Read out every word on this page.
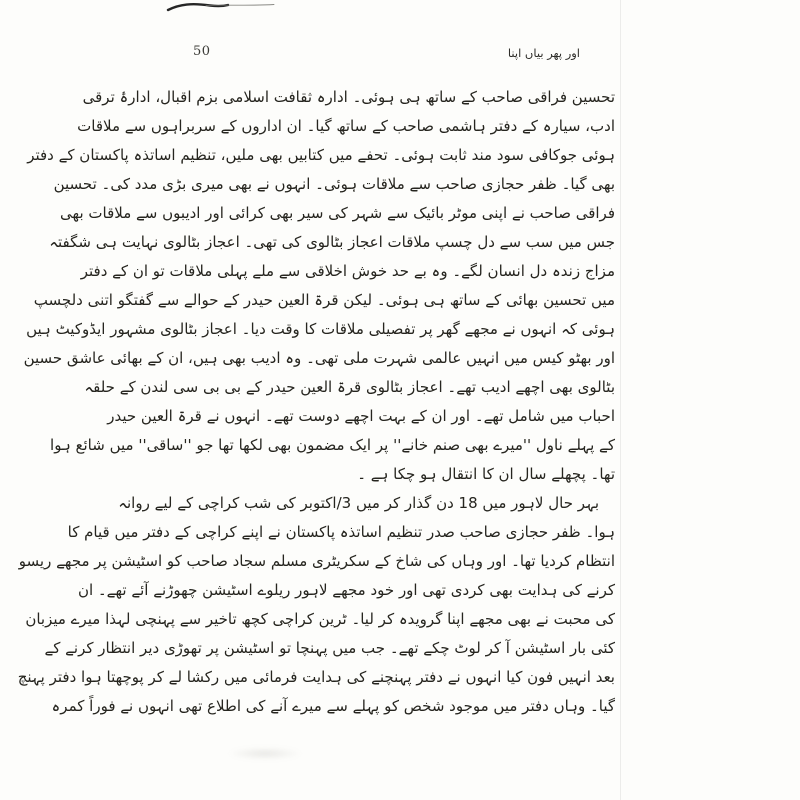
50	اور پھر بیاں اپنا
تحسین فراقی صاحب کے ساتھ ہی ہوئی۔ ادارہ ثقافت اسلامی بزم اقبال، ادارۂ ترقی
ادب، سیارہ کے دفتر ہاشمی صاحب کے ساتھ گیا۔ ان اداروں کے سربراہوں سے ملاقات
ہوئی جوکافی سود مند ثابت ہوئی۔ تحفے میں کتابیں بھی ملیں، تنظیم اساتذہ پاکستان کے دفتر
بھی گیا۔ ظفر حجازی صاحب سے ملاقات ہوئی۔ انہوں نے بھی میری بڑی مدد کی۔ تحسین
فراقی صاحب نے اپنی موٹر بائیک سے شہر کی سیر بھی کرائی اور ادیبوں سے ملاقات بھی
جس میں سب سے دل چسپ ملاقات اعجاز بٹالوی کی تھی۔ اعجاز بٹالوی نہایت ہی شگفتہ
مزاج زندہ دل انسان لگے۔ وہ بے حد خوش اخلاقی سے ملے پہلی ملاقات تو ان کے دفتر
میں تحسین بھائی کے ساتھ ہی ہوئی۔ لیکن قرۃ العین حیدر کے حوالے سے گفتگو اتنی دلچسپ
ہوئی کہ انہوں نے مجھے گھر پر تفصیلی ملاقات کا وقت دیا۔ اعجاز بٹالوی مشہور ایڈوکیٹ ہیں
اور بھٹو کیس میں انہیں عالمی شہرت ملی تھی۔ وہ ادیب بھی ہیں، ان کے بھائی عاشق حسین
بٹالوی بھی اچھے ادیب تھے۔ اعجاز بٹالوی قرۃ العین حیدر کے بی بی سی لندن کے حلقہ
احباب میں شامل تھے۔ اور ان کے بہت اچھے دوست تھے۔ انہوں نے قرۃ العین حیدر
کے پہلے ناول ''میرے بھی صنم خانے'' پر ایک مضمون بھی لکھا تھا جو ''ساقی'' میں شائع ہوا
تھا۔ پچھلے سال ان کا انتقال ہو چکا ہے ۔
بہر حال لاہور میں 18 دن گذار کر میں 3/اکتوبر کی شب کراچی کے لیے روانہ
ہوا۔ ظفر حجازی صاحب صدر تنظیم اساتذہ پاکستان نے اپنے کراچی کے دفتر میں قیام کا
انتظام کردیا تھا۔ اور وہاں کی شاخ کے سکریٹری مسلم سجاد صاحب کو اسٹیشن پر مجھے ریسو
کرنے کی ہدایت بھی کردی تھی اور خود مجھے لاہور ریلوے اسٹیشن چھوڑنے آئے تھے۔ ان
کی محبت نے بھی مجھے اپنا گرویدہ کر لیا۔ ٹرین کراچی کچھ تاخیر سے پہنچی لہذا میرے میزبان
کئی بار اسٹیشن آ کر لوٹ چکے تھے۔ جب میں پہنچا تو اسٹیشن پر تھوڑی دیر انتظار کرنے کے
بعد انہیں فون کیا انہوں نے دفتر پہنچنے کی ہدایت فرمائی میں رکشا لے کر پوچھتا ہوا دفتر پہنچ
گیا۔ وہاں دفتر میں موجود شخص کو پہلے سے میرے آنے کی اطلاع تھی انہوں نے فوراً کمرہ
